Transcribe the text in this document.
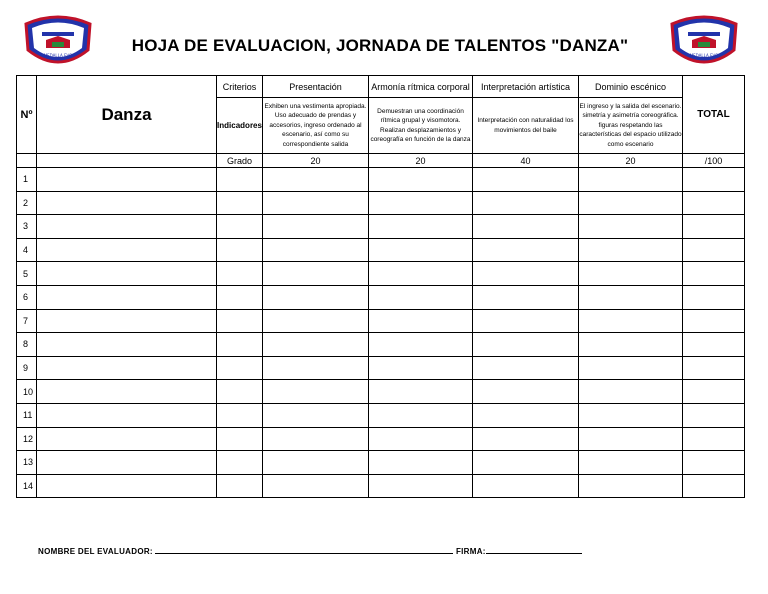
MEDALLA EVO	MEDALLA EVO
HOJA DE EVALUACION, JORNADA DE TALENTOS "DANZA"
Nº	Danza	Criterios	Presentación	Armonía rítmica corporal	Interpretación artística	Dominio escénico	TOTAL
		Indicadores	Exhiben una vestimenta apropiada. Uso adecuado de prendas y accesorios, ingreso ordenado al escenario, así como su correspondiente salida	Demuestran una coordinación rítmica grupal y visomotora. Realizan desplazamientos y coreografía en función de la danza	Interpretación con naturalidad los movimientos del baile	El ingreso y la salida del escenario. simetría y asimetría coreográfica. figuras respetando las características del espacio utilizado como escenario	
		Grado	20	20	40	20	/100
1							
2							
3							
4							
5							
6							
7							
8							
9							
10							
11							
12							
13							
14							
NOMBRE DEL EVALUADOR:	FIRMA:
